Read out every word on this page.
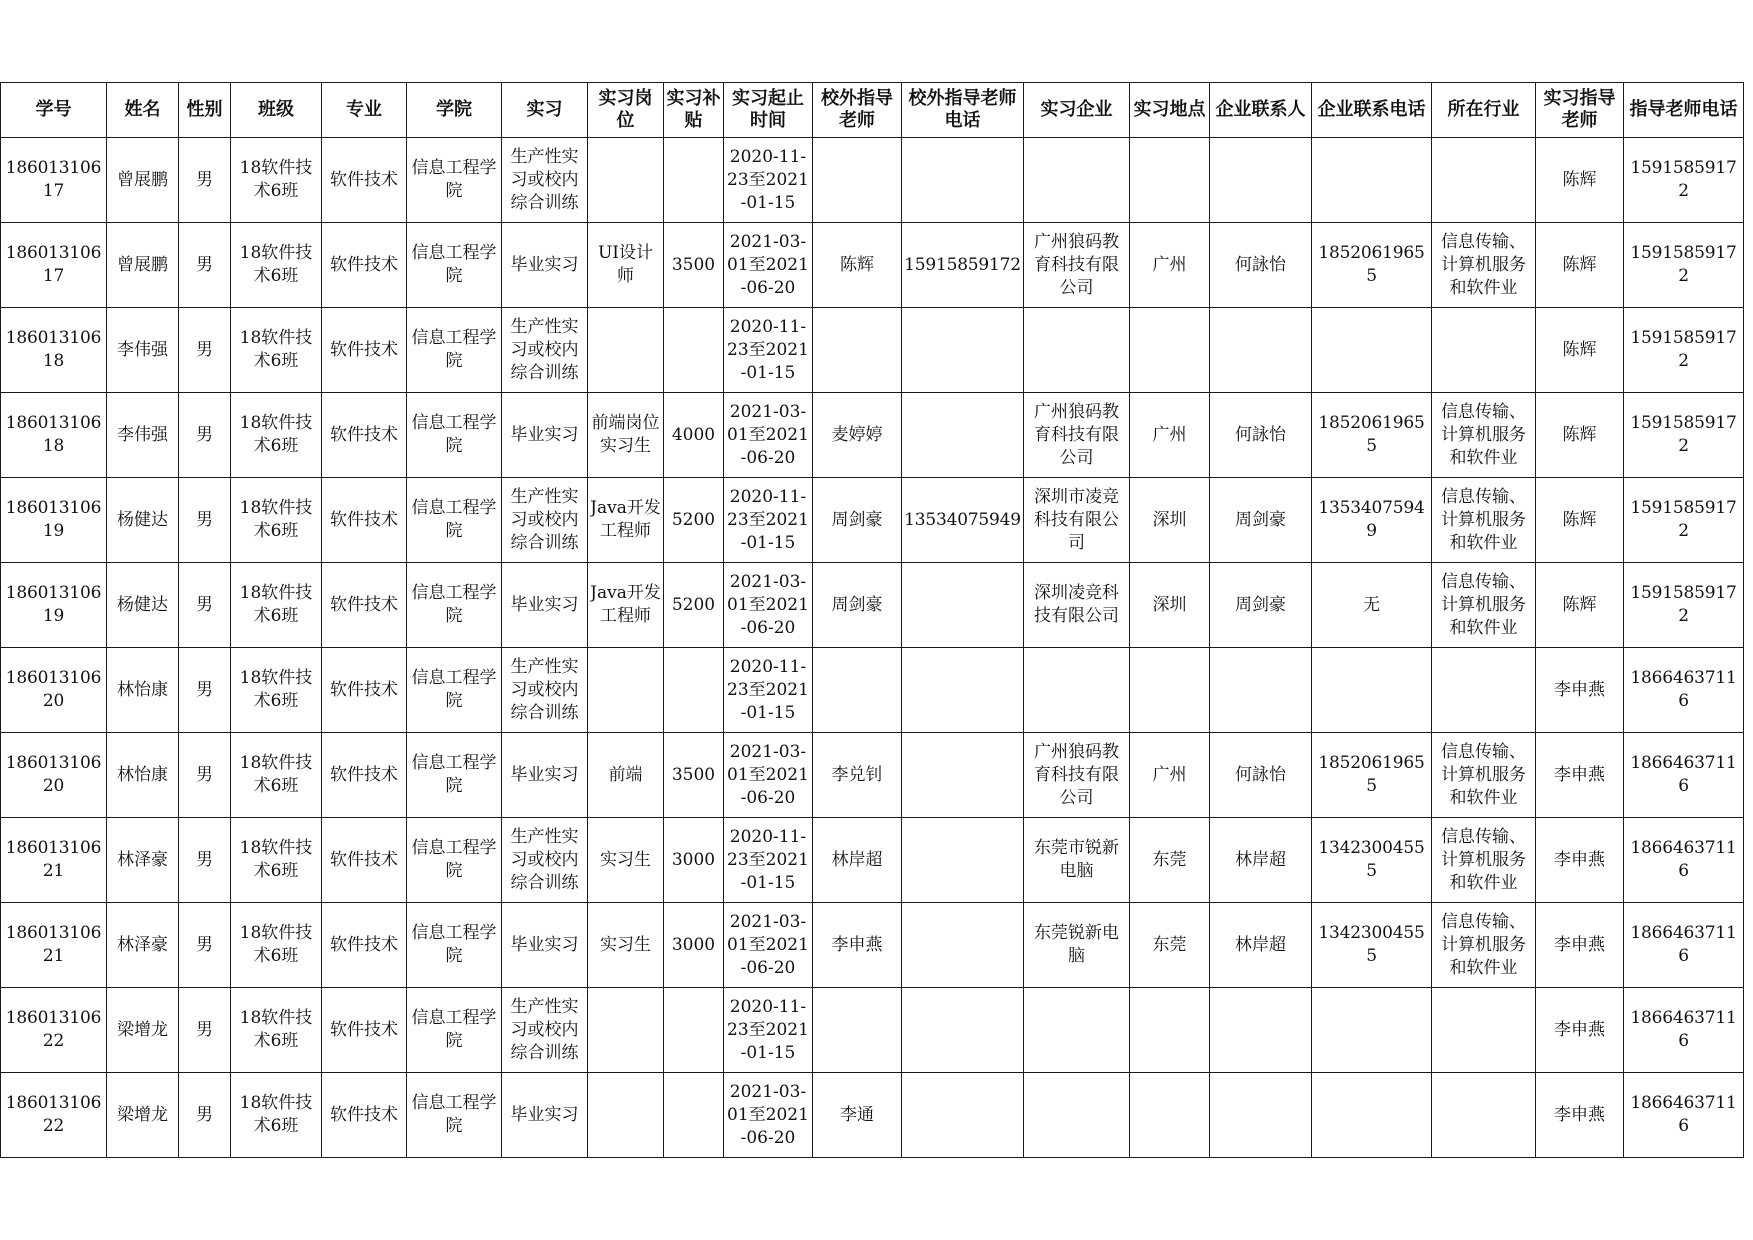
学号	姓名	性别	班级	专业	学院	实习	实习岗位	实习补贴	实习起止时间	校外指导老师	校外指导老师电话	实习企业	实习地点	企业联系人	企业联系电话	所在行业	实习指导老师	指导老师电话

18601310617	曾展鹏	男	18软件技术6班	软件技术	信息工程学院	生产性实习或校内综合训练			2020-11-23至2021-01-15								陈辉	15915859172

18601310617	曾展鹏	男	18软件技术6班	软件技术	信息工程学院	毕业实习	UI设计师	3500	2021-03-01至2021-06-20	陈辉	15915859172	广州狼码教育科技有限公司	广州	何詠怡	18520619655	信息传输、计算机服务和软件业	陈辉	15915859172

18601310618	李伟强	男	18软件技术6班	软件技术	信息工程学院	生产性实习或校内综合训练			2020-11-23至2021-01-15								陈辉	15915859172

18601310618	李伟强	男	18软件技术6班	软件技术	信息工程学院	毕业实习	前端岗位实习生	4000	2021-03-01至2021-06-20	麦婷婷		广州狼码教育科技有限公司	广州	何詠怡	18520619655	信息传输、计算机服务和软件业	陈辉	15915859172

18601310619	杨健达	男	18软件技术6班	软件技术	信息工程学院	生产性实习或校内综合训练	Java开发工程师	5200	2020-11-23至2021-01-15	周剑豪	13534075949	深圳市凌竞科技有限公司	深圳	周剑豪	13534075949	信息传输、计算机服务和软件业	陈辉	15915859172

18601310619	杨健达	男	18软件技术6班	软件技术	信息工程学院	毕业实习	Java开发工程师	5200	2021-03-01至2021-06-20	周剑豪		深圳凌竞科技有限公司	深圳	周剑豪	无	信息传输、计算机服务和软件业	陈辉	15915859172

18601310620	林怡康	男	18软件技术6班	软件技术	信息工程学院	生产性实习或校内综合训练			2020-11-23至2021-01-15								李申燕	18664637116

18601310620	林怡康	男	18软件技术6班	软件技术	信息工程学院	毕业实习	前端	3500	2021-03-01至2021-06-20	李兑钊		广州狼码教育科技有限公司	广州	何詠怡	18520619655	信息传输、计算机服务和软件业	李申燕	18664637116

18601310621	林泽豪	男	18软件技术6班	软件技术	信息工程学院	生产性实习或校内综合训练	实习生	3000	2020-11-23至2021-01-15	林岸超		东莞市锐新电脑	东莞	林岸超	13423004555	信息传输、计算机服务和软件业	李申燕	18664637116

18601310621	林泽豪	男	18软件技术6班	软件技术	信息工程学院	毕业实习	实习生	3000	2021-03-01至2021-06-20	李申燕		东莞锐新电脑	东莞	林岸超	13423004555	信息传输、计算机服务和软件业	李申燕	18664637116

18601310622	梁增龙	男	18软件技术6班	软件技术	信息工程学院	生产性实习或校内综合训练			2020-11-23至2021-01-15								李申燕	18664637116

18601310622	梁增龙	男	18软件技术6班	软件技术	信息工程学院	毕业实习			2021-03-01至2021-06-20	李通							李申燕	18664637116
